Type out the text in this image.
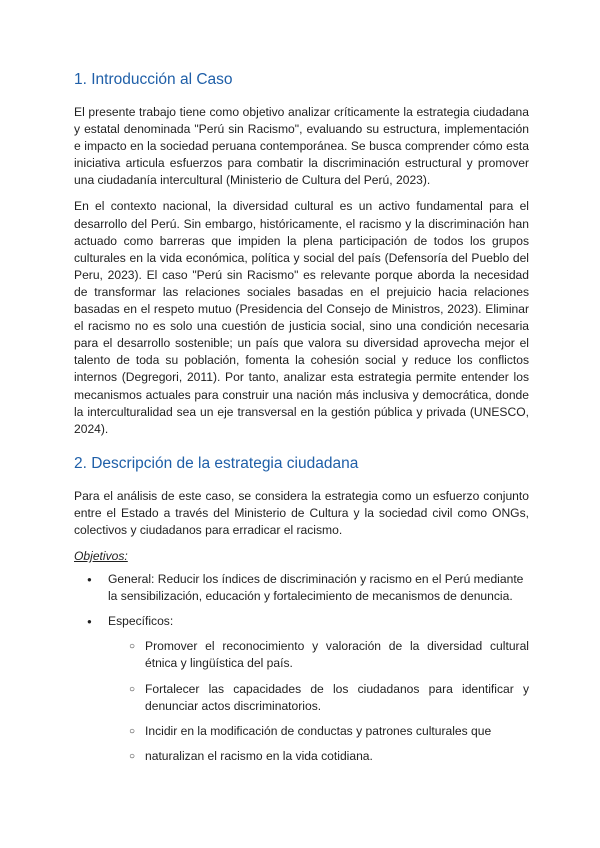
1. Introducción al Caso

El presente trabajo tiene como objetivo analizar críticamente la estrategia ciudadana y estatal denominada "Perú sin Racismo", evaluando su estructura, implementación e impacto en la sociedad peruana contemporánea. Se busca comprender cómo esta iniciativa articula esfuerzos para combatir la discriminación estructural y promover una ciudadanía intercultural (Ministerio de Cultura del Perú, 2023).

En el contexto nacional, la diversidad cultural es un activo fundamental para el desarrollo del Perú. Sin embargo, históricamente, el racismo y la discriminación han actuado como barreras que impiden la plena participación de todos los grupos culturales en la vida económica, política y social del país (Defensoría del Pueblo del Peru, 2023). El caso "Perú sin Racismo" es relevante porque aborda la necesidad de transformar las relaciones sociales basadas en el prejuicio hacia relaciones basadas en el respeto mutuo (Presidencia del Consejo de Ministros, 2023). Eliminar el racismo no es solo una cuestión de justicia social, sino una condición necesaria para el desarrollo sostenible; un país que valora su diversidad aprovecha mejor el talento de toda su población, fomenta la cohesión social y reduce los conflictos internos (Degregori, 2011). Por tanto, analizar esta estrategia permite entender los mecanismos actuales para construir una nación más inclusiva y democrática, donde la interculturalidad sea un eje transversal en la gestión pública y privada (UNESCO, 2024).

2. Descripción de la estrategia ciudadana

Para el análisis de este caso, se considera la estrategia como un esfuerzo conjunto entre el Estado a través del Ministerio de Cultura y la sociedad civil como ONGs, colectivos y ciudadanos para erradicar el racismo.

Objetivos:
● General: Reducir los índices de discriminación y racismo en el Perú mediante la sensibilización, educación y fortalecimiento de mecanismos de denuncia.
● Específicos:
○ Promover el reconocimiento y valoración de la diversidad cultural étnica y lingüística del país.
○ Fortalecer las capacidades de los ciudadanos para identificar y denunciar actos discriminatorios.
○ Incidir en la modificación de conductas y patrones culturales que
○ naturalizan el racismo en la vida cotidiana.
